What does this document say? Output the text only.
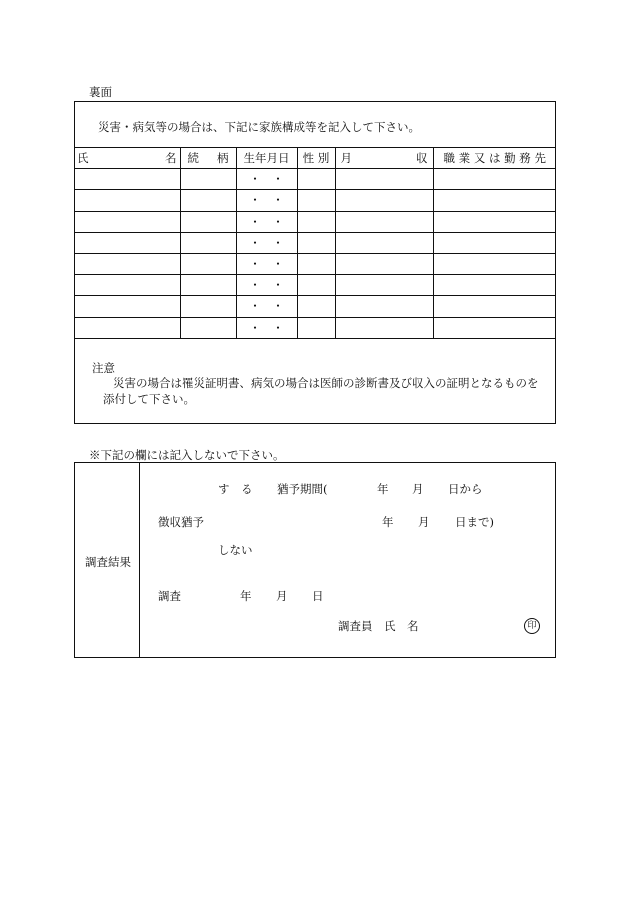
裏面
災害・病気等の場合は、下記に家族構成等を記入して下さい。
氏 名	続 柄	生年月日	性 別	月 収	職 業 又 は 勤 務 先
		・　・			
		・　・			
		・　・			
		・　・			
		・　・			
		・　・			
		・　・			
		・　・			
注意
災害の場合は罹災証明書、病気の場合は医師の診断書及び収入の証明となるものを
添付して下さい。
※下記の欄には記入しないで下さい。
調査結果
す　る 猶予期間(	年 月 日から
徴収猶予	年 月 日まで)
しない
調査	年 月 日
調査員　氏　名	印
